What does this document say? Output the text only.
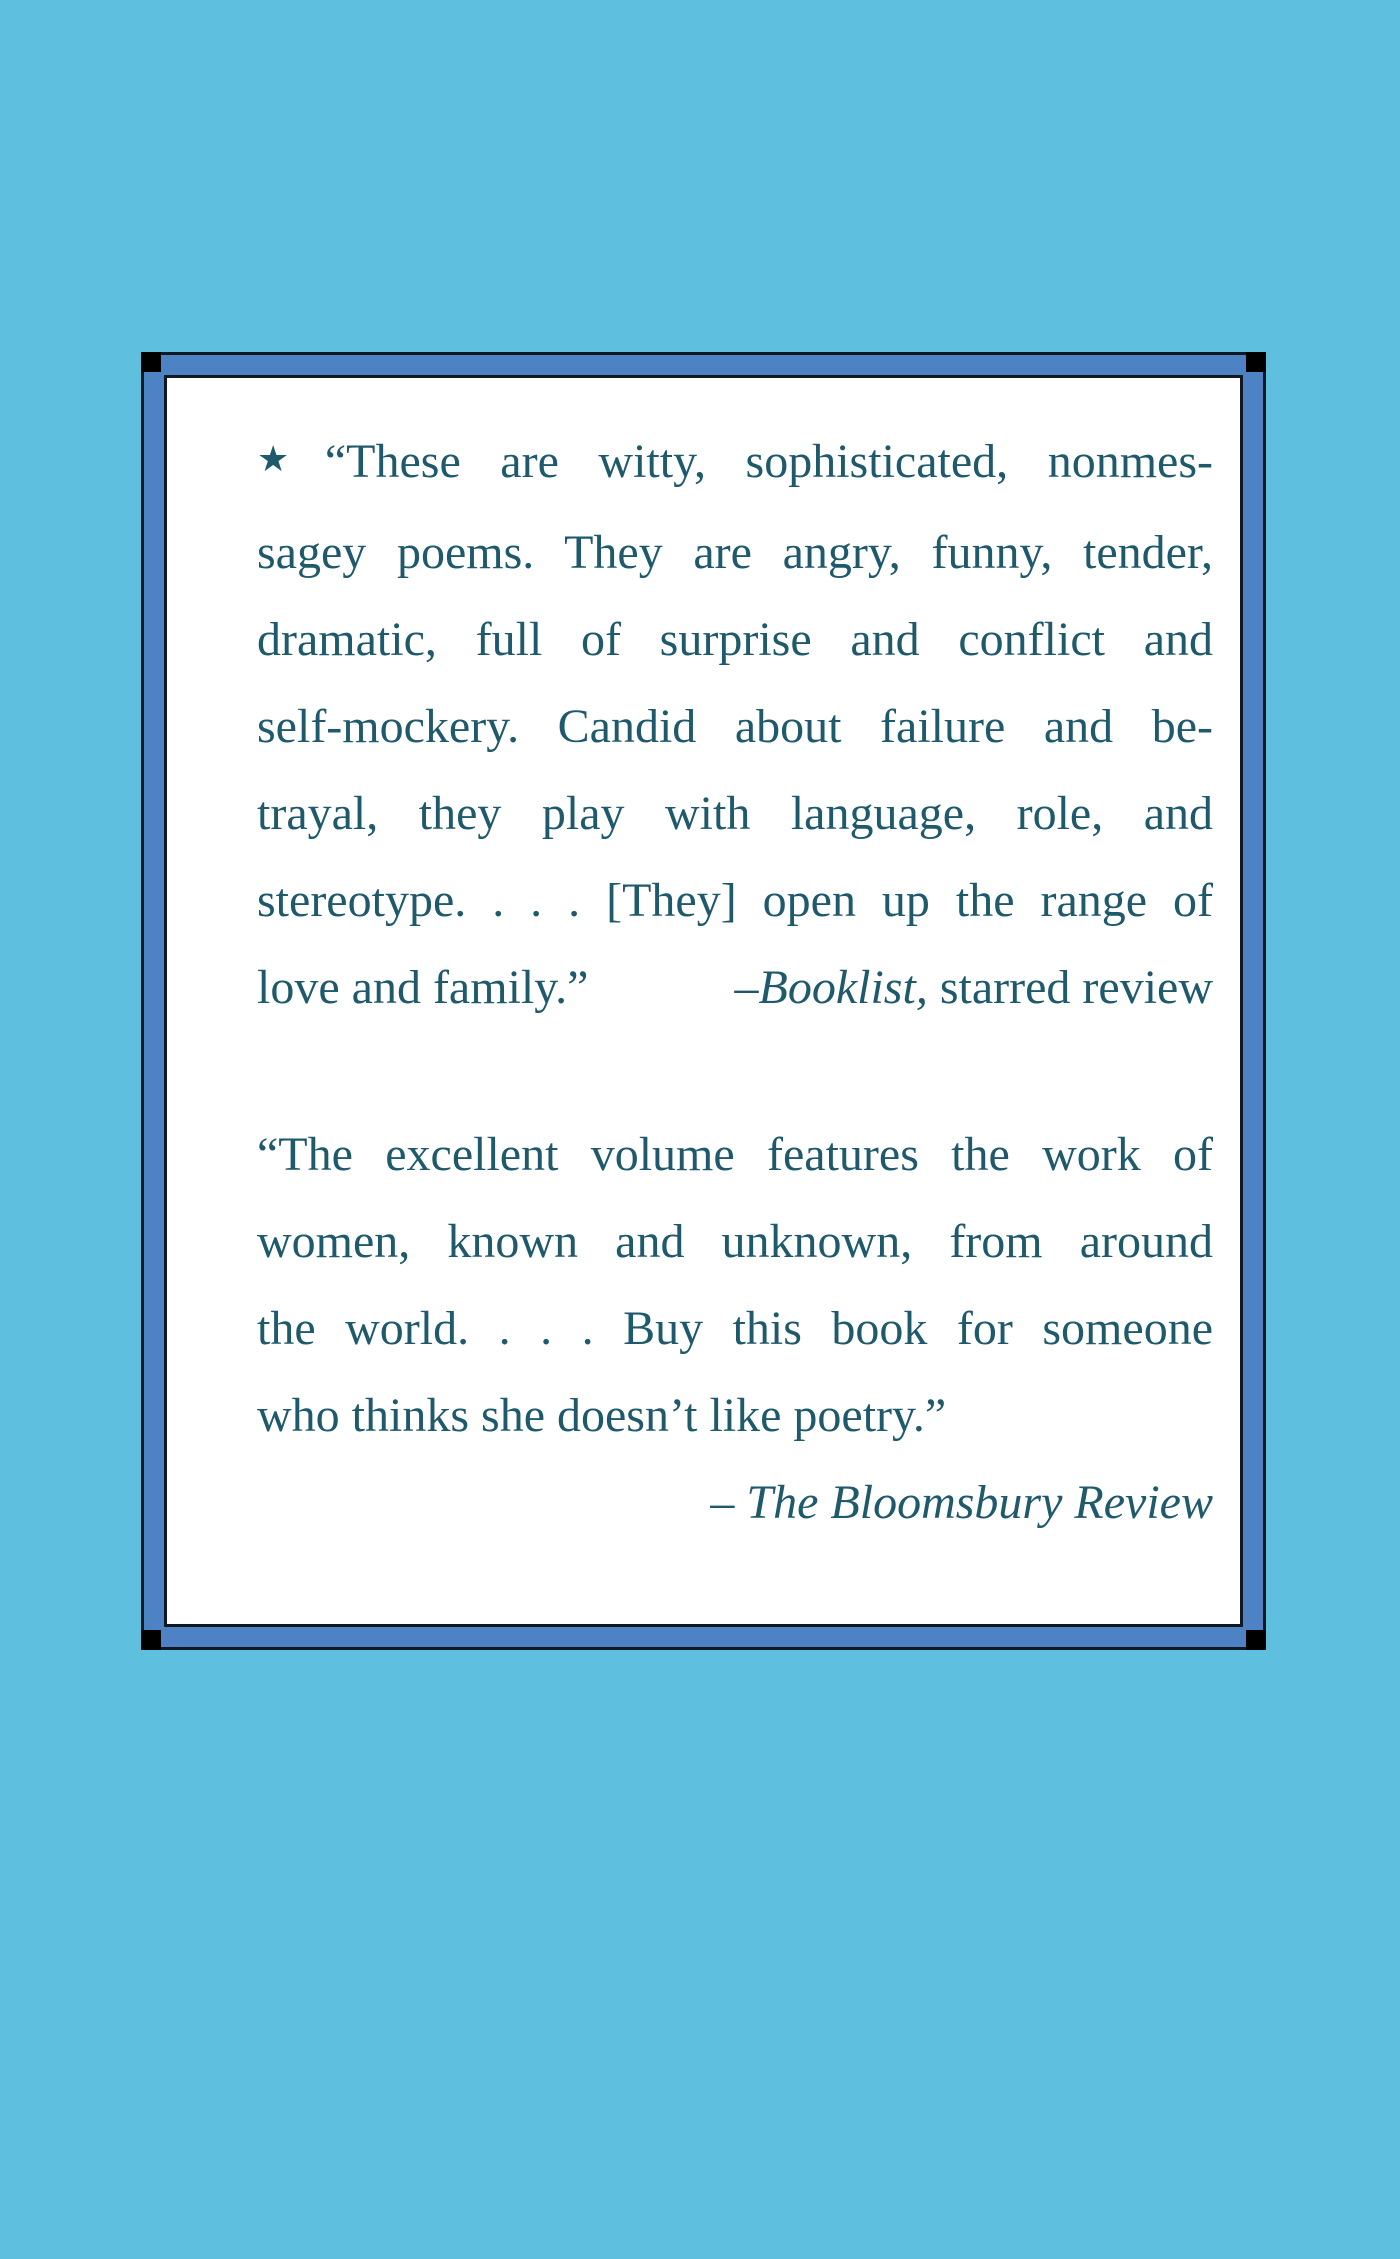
★ “These are witty, sophisticated, nonmes-
sagey poems. They are angry, funny, tender,
dramatic, full of surprise and conflict and
self-mockery. Candid about failure and be-
trayal, they play with language, role, and
stereotype. . . . [They] open up the range of
love and family.”	–Booklist, starred review

“The excellent volume features the work of
women, known and unknown, from around
the world. . . . Buy this book for someone
who thinks she doesn’t like poetry.”
– The Bloomsbury Review
